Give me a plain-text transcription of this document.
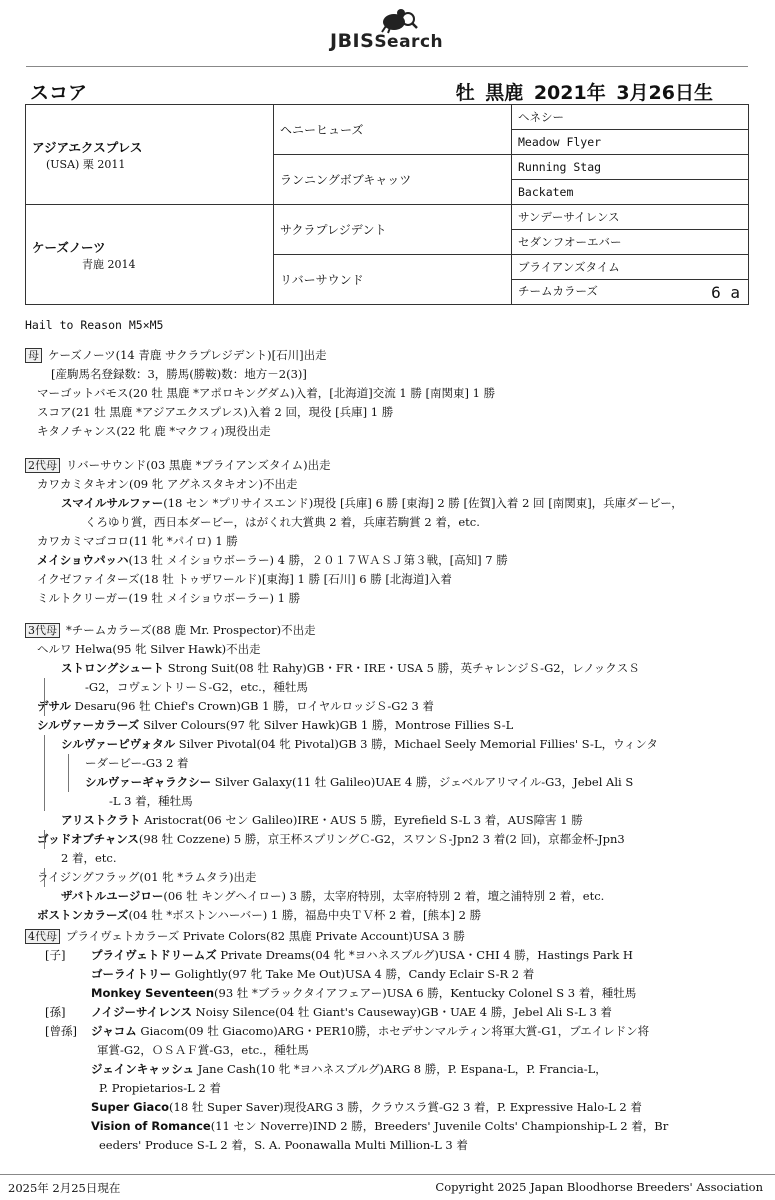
JBISSearch
スコア	牡 黒鹿 2021年 3月26日生
アジアエクスプレス
(USA) 栗 2011	ヘニーヒューズ	ヘネシー
		Meadow Flyer
	ランニングボブキャッツ	Running Stag
		Backatem

ケーズノーツ
青鹿 2014	サクラプレジデント	サンデーサイレンス
		セダンフオーエバー
	リバーサウンド	ブライアンズタイム
		チームカラーズ 6 a
Hail to Reason M5×M5
母 ケーズノーツ(14 青鹿 サクラプレジデント)[石川]出走
[産駒馬名登録数：3，勝馬(勝鞍)数：地方－2(3)]
マーゴットバモス(20 牡 黒鹿 *アポロキングダム)入着，[北海道]交流 1 勝 [南関東] 1 勝
スコア(21 牡 黒鹿 *アジアエクスプレス)入着 2 回，現役 [兵庫] 1 勝
キタノチャンス(22 牝 鹿 *マクフィ)現役出走
2代母 リバーサウンド(03 黒鹿 *ブライアンズタイム)出走
カワカミタキオン(09 牝 アグネスタキオン)不出走
スマイルサルファー(18 セン *プリサイスエンド)現役 [兵庫] 6 勝 [東海] 2 勝 [佐賀]入着 2 回 [南関東]，兵庫ダービー，
くろゆり賞，西日本ダービー，はがくれ大賞典 2 着，兵庫若駒賞 2 着，etc.
カワカミマゴコロ(11 牝 *パイロ) 1 勝
メイショウパッハ(13 牡 メイショウボーラー) 4 勝，２０１７ＷＡＳＪ第３戦，[高知] 7 勝
イクゼファイターズ(18 牡 トゥザワールド)[東海] 1 勝 [石川] 6 勝 [北海道]入着
ミルトクリーガー(19 牡 メイショウボーラー) 1 勝
3代母 *チームカラーズ(88 鹿 Mr. Prospector)不出走
ヘルワ Helwa(95 牝 Silver Hawk)不出走
ストロングシュート Strong Suit(08 牡 Rahy)GB・FR・IRE・USA 5 勝，英チャレンジＳ-G2，レノックスＳ
-G2，コヴェントリーＳ-G2，etc.，種牡馬
デサル Desaru(96 牡 Chief's Crown)GB 1 勝，ロイヤルロッジＳ-G2 3 着
シルヴァーカラーズ Silver Colours(97 牝 Silver Hawk)GB 1 勝，Montrose Fillies S-L
シルヴァーピヴォタル Silver Pivotal(04 牝 Pivotal)GB 3 勝，Michael Seely Memorial Fillies' S-L，ウィンタ
ーダービー-G3 2 着
シルヴァーギャラクシー Silver Galaxy(11 牡 Galileo)UAE 4 勝，ジェベルアリマイル-G3，Jebel Ali S
-L 3 着，種牡馬
アリストクラト Aristocrat(06 セン Galileo)IRE・AUS 5 勝，Eyrefield S-L 3 着，AUS障害 1 勝
ゴッドオブチャンス(98 牡 Cozzene) 5 勝，京王杯スプリングＣ-G2，スワンＳ-Jpn2 3 着(2 回)，京都金杯-Jpn3
2 着，etc.
ライジングフラッグ(01 牝 *ラムタラ)出走
ザバトルユージロー(06 牡 キングヘイロー) 3 勝，太宰府特別，太宰府特別 2 着，壇之浦特別 2 着，etc.
ボストンカラーズ(04 牡 *ボストンハーバー) 1 勝，福島中央ＴＶ杯 2 着，[熊本] 2 勝
4代母 プライヴェトカラーズ Private Colors(82 黒鹿 Private Account)USA 3 勝
[子] プライヴェトドリームズ Private Dreams(04 牝 *ヨハネスブルグ)USA・CHI 4 勝，Hastings Park H
ゴーライトリー Golightly(97 牝 Take Me Out)USA 4 勝，Candy Eclair S-R 2 着
Monkey Seventeen(93 牡 *ブラックタイアフェアー)USA 6 勝，Kentucky Colonel S 3 着，種牡馬
[孫] ノイジーサイレンス Noisy Silence(04 牡 Giant's Causeway)GB・UAE 4 勝，Jebel Ali S-L 3 着
[曾孫] ジャコム Giacom(09 牡 Giacomo)ARG・PER10勝，ホセデサンマルティン将軍大賞-G1，ブエイレドン将
軍賞-G2，ＯＳＡＦ賞-G3，etc.，種牡馬
ジェインキャッシュ Jane Cash(10 牝 *ヨハネスブルグ)ARG 8 勝，P. Espana-L，P. Francia-L，
P. Propietarios-L 2 着
Super Giaco(18 牡 Super Saver)現役ARG 3 勝，クラウスラ賞-G2 3 着，P. Expressive Halo-L 2 着
Vision of Romance(11 セン Noverre)IND 2 勝，Breeders' Juvenile Colts' Championship-L 2 着，Br
eeders' Produce S-L 2 着，S. A. Poonawalla Multi Million-L 3 着
2025年 2月25日現在	Copyright 2025 Japan Bloodhorse Breeders' Association
